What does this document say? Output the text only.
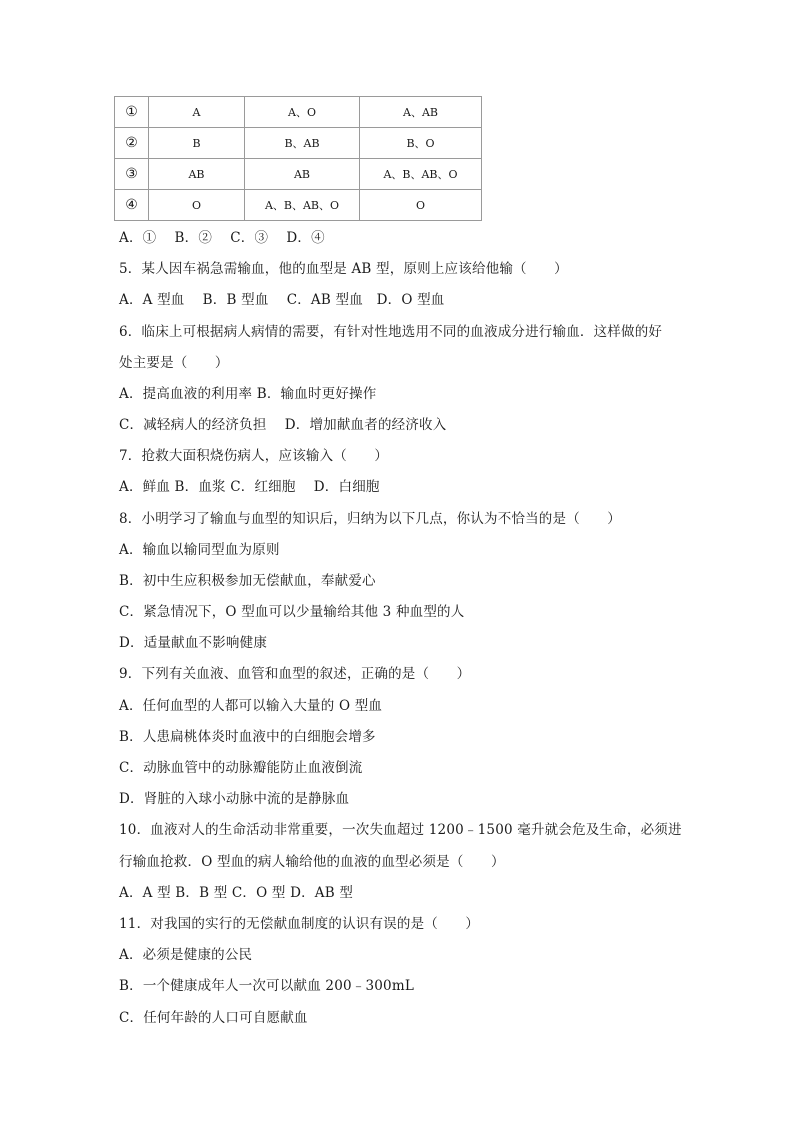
①	A	A、O	A、AB
②	B	B、AB	B、O
③	AB	AB	A、B、AB、O
④	O	A、B、AB、O	O
A．①　 B．②　 C．③　 D．④
5．某人因车祸急需输血，他的血型是 AB 型，原则上应该给他输（　　）
A．A 型血　 B．B 型血　 C．AB 型血　D．O 型血
6．临床上可根据病人病情的需要，有针对性地选用不同的血液成分进行输血．这样做的好
处主要是（　　）
A．提高血液的利用率 B．输血时更好操作
C．减轻病人的经济负担　 D．增加献血者的经济收入
7．抢救大面积烧伤病人，应该输入（　　）
A．鲜血 B．血浆 C．红细胞　 D．白细胞
8．小明学习了输血与血型的知识后，归纳为以下几点，你认为不恰当的是（　　）
A．输血以输同型血为原则
B．初中生应积极参加无偿献血，奉献爱心
C．紧急情况下，O 型血可以少量输给其他 3 种血型的人
D．适量献血不影响健康
9．下列有关血液、血管和血型的叙述，正确的是（　　）
A．任何血型的人都可以输入大量的 O 型血
B．人患扁桃体炎时血液中的白细胞会增多
C．动脉血管中的动脉瓣能防止血液倒流
D．肾脏的入球小动脉中流的是静脉血
10．血液对人的生命活动非常重要，一次失血超过 1200﹣1500 毫升就会危及生命，必须进
行输血抢救．O 型血的病人输给他的血液的血型必须是（　　）
A．A 型 B．B 型 C．O 型 D．AB 型
11．对我国的实行的无偿献血制度的认识有误的是（　　）
A．必须是健康的公民
B．一个健康成年人一次可以献血 200﹣300mL
C．任何年龄的人口可自愿献血
